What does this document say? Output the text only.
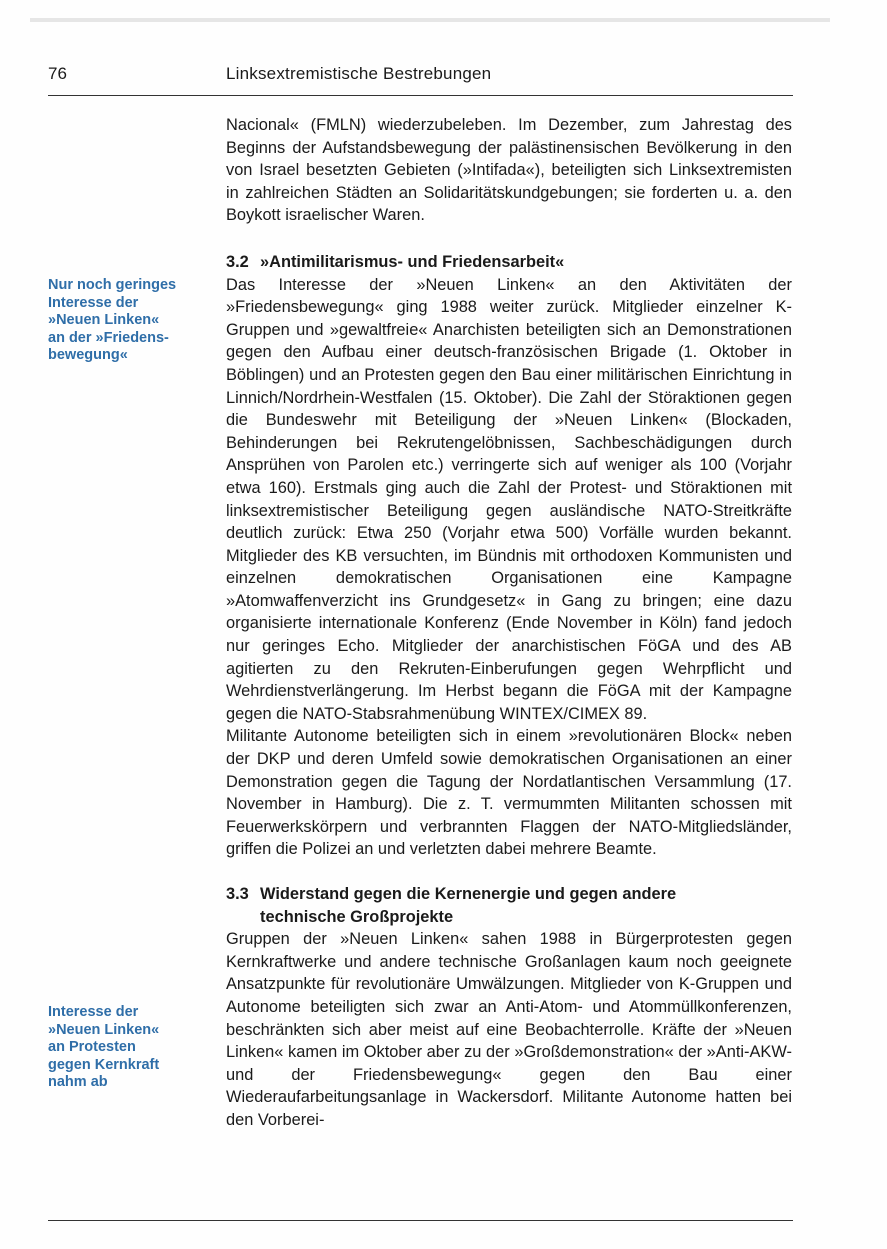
76	Linksextremistische Bestrebungen
Nur noch geringes
Interesse der
»Neuen Linken«
an der »Friedens-
bewegung«
Interesse der
»Neuen Linken«
an Protesten
gegen Kernkraft
nahm ab

Nacional« (FMLN) wiederzubeleben. Im Dezember, zum Jahrestag des Beginns der Aufstandsbewegung der palästinensischen Bevölkerung in den von Israel besetzten Gebieten (»Intifada«), beteiligten sich Linksextremisten in zahlreichen Städten an Solidaritätskundgebungen; sie forderten u. a. den Boykott israelischer Waren.

3.2 »Antimilitarismus- und Friedensarbeit«

Das Interesse der »Neuen Linken« an den Aktivitäten der »Friedensbewegung« ging 1988 weiter zurück. Mitglieder einzelner K-Gruppen und »gewaltfreie« Anarchisten beteiligten sich an Demonstrationen gegen den Aufbau einer deutsch-französischen Brigade (1. Oktober in Böblingen) und an Protesten gegen den Bau einer militärischen Einrichtung in Linnich/Nordrhein-Westfalen (15. Oktober). Die Zahl der Störaktionen gegen die Bundeswehr mit Beteiligung der »Neuen Linken« (Blockaden, Behinderungen bei Rekrutengelöbnissen, Sachbeschädigungen durch Ansprühen von Parolen etc.) verringerte sich auf weniger als 100 (Vorjahr etwa 160). Erstmals ging auch die Zahl der Protest- und Störaktionen mit linksextremistischer Beteiligung gegen ausländische NATO-Streitkräfte deutlich zurück: Etwa 250 (Vorjahr etwa 500) Vorfälle wurden bekannt. Mitglieder des KB versuchten, im Bündnis mit orthodoxen Kommunisten und einzelnen demokratischen Organisationen eine Kampagne »Atomwaffenverzicht ins Grundgesetz« in Gang zu bringen; eine dazu organisierte internationale Konferenz (Ende November in Köln) fand jedoch nur geringes Echo. Mitglieder der anarchistischen FöGA und des AB agitierten zu den Rekruten-Einberufungen gegen Wehrpflicht und Wehrdienstverlängerung. Im Herbst begann die FöGA mit der Kampagne gegen die NATO-Stabsrahmenübung WINTEX/CIMEX 89.

Militante Autonome beteiligten sich in einem »revolutionären Block« neben der DKP und deren Umfeld sowie demokratischen Organisationen an einer Demonstration gegen die Tagung der Nordatlantischen Versammlung (17. November in Hamburg). Die z. T. vermummten Militanten schossen mit Feuerwerkskörpern und verbrannten Flaggen der NATO-Mitgliedsländer, griffen die Polizei an und verletzten dabei mehrere Beamte.

3.3 Widerstand gegen die Kernenergie und gegen andere
technische Großprojekte

Gruppen der »Neuen Linken« sahen 1988 in Bürgerprotesten gegen Kernkraftwerke und andere technische Großanlagen kaum noch geeignete Ansatzpunkte für revolutionäre Umwälzungen. Mitglieder von K-Gruppen und Autonome beteiligten sich zwar an Anti-Atom- und Atommüllkonferenzen, beschränkten sich aber meist auf eine Beobachterrolle. Kräfte der »Neuen Linken« kamen im Oktober aber zu der »Großdemonstration« der »Anti-AKW- und der Friedensbewegung« gegen den Bau einer Wiederaufarbeitungsanlage in Wackersdorf. Militante Autonome hatten bei den Vorberei-
